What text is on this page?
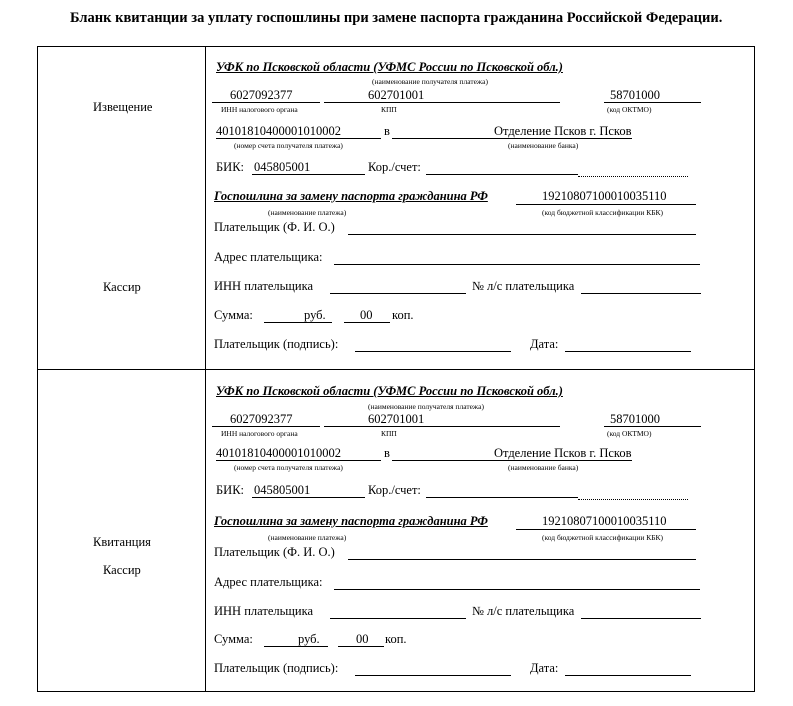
Бланк квитанции за уплату госпошлины при замене паспорта гражданина Российской Федерации.
Извещение
Кассир
УФК по Псковской области (УФМС России по Псковской обл.)
(наименование получателя платежа)
6027092377	602701001	58701000
ИНН налогового органа	КПП	(код ОКТМО)
40101810400001010002	в	Отделение Псков г. Псков
(номер счета получателя платежа)	(наименование банка)
БИК: 045805001	Кор./счет:
Госпошлина за замену паспорта гражданина РФ	19210807100010035110
(наименование платежа)	(код бюджетной классификации КБК)
Плательщик (Ф. И. О.)
Адрес плательщика:
ИНН плательщика	№ л/с плательщика
Сумма:	руб.	00 коп.
Плательщик (подпись):	Дата:
Квитанция
Кассир
УФК по Псковской области (УФМС России по Псковской обл.)
(наименование получателя платежа)
6027092377	602701001	58701000
ИНН налогового органа	КПП	(код ОКТМО)
40101810400001010002	в	Отделение Псков г. Псков
(номер счета получателя платежа)	(наименование банка)
БИК: 045805001	Кор./счет:
Госпошлина за замену паспорта гражданина РФ	19210807100010035110
(наименование платежа)	(код бюджетной классификации КБК)
Плательщик (Ф. И. О.)
Адрес плательщика:
ИНН плательщика	№ л/с плательщика
Сумма:	руб.	00 коп.
Плательщик (подпись):	Дата:
